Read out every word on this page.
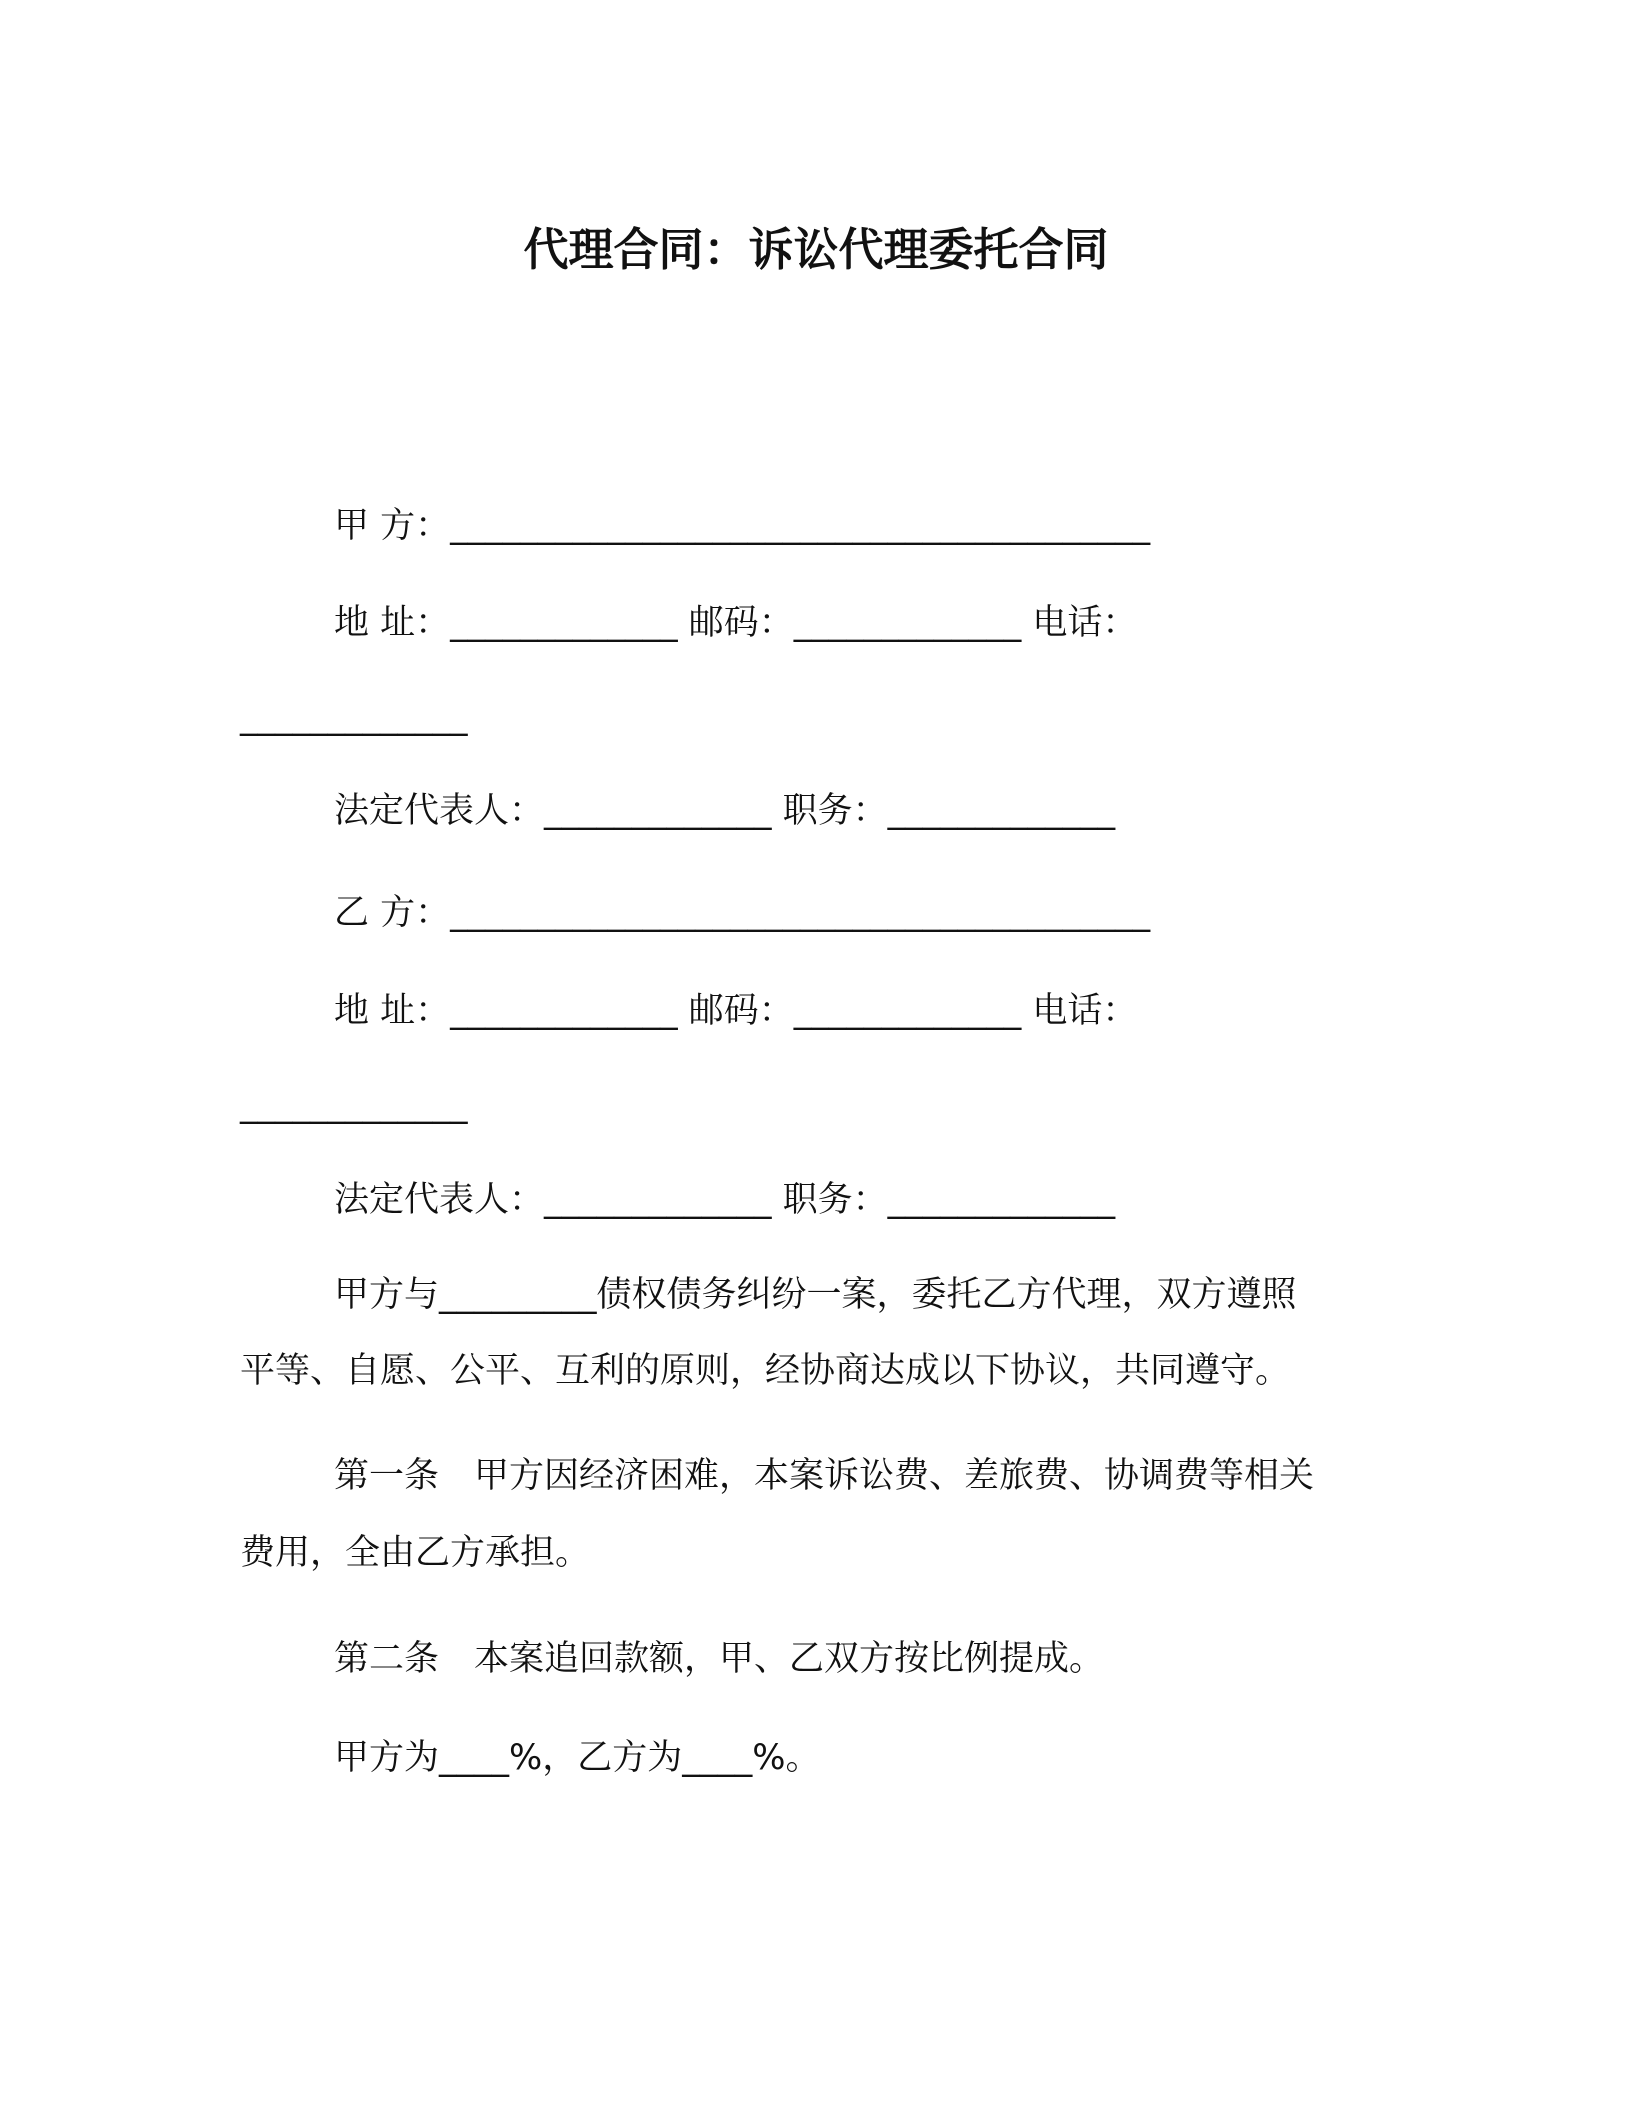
代理合同：诉讼代理委托合同
甲 方：________________________________________
地 址：_____________ 邮码：_____________ 电话：
_____________
法定代表人：_____________ 职务：_____________
乙 方：________________________________________
地 址：_____________ 邮码：_____________ 电话：
_____________
法定代表人：_____________ 职务：_____________
甲方与_________债权债务纠纷一案，委托乙方代理，双方遵照
平等、自愿、公平、互利的原则，经协商达成以下协议，共同遵守。
第一条　甲方因经济困难，本案诉讼费、差旅费、协调费等相关
费用，全由乙方承担。
第二条　本案追回款额，甲、乙双方按比例提成。
甲方为____%，乙方为____%。
